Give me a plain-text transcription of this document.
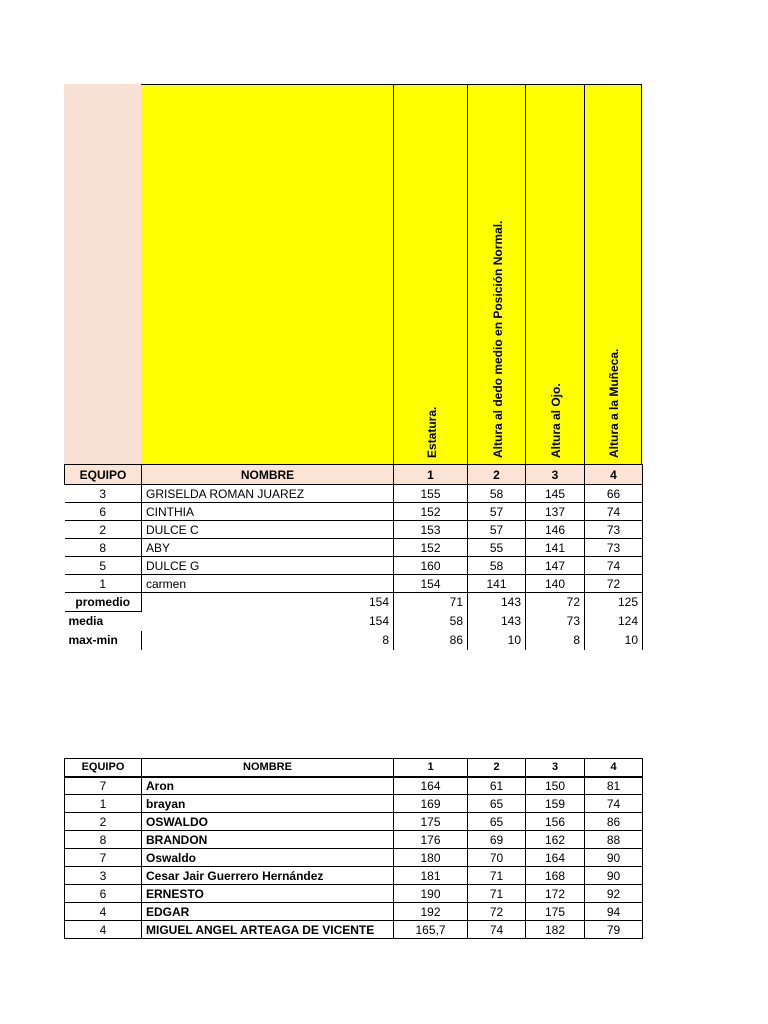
Estatura.	Altura al dedo medio en Posición Normal.	Altura al Ojo.	Altura a la Muñeca.
EQUIPO	NOMBRE	1	2	3	4
3	GRISELDA ROMAN JUAREZ	155	58	145	66
6	CINTHIA	152	57	137	74
2	DULCE C	153	57	146	73
8	ABY	152	55	141	73
5	DULCE G	160	58	147	74
1	carmen	154	141	140	72
promedio	154	71	143	72	125
media	154	58	143	73	124
max-min	8	86	10	8	10
EQUIPO	NOMBRE	1	2	3	4
7	Aron	164	61	150	81
1	brayan	169	65	159	74
2	OSWALDO	175	65	156	86
8	BRANDON	176	69	162	88
7	Oswaldo	180	70	164	90
3	Cesar Jair Guerrero Hernández	181	71	168	90
6	ERNESTO	190	71	172	92
4	EDGAR	192	72	175	94
4	MIGUEL ANGEL ARTEAGA DE VICENTE	165,7	74	182	79
